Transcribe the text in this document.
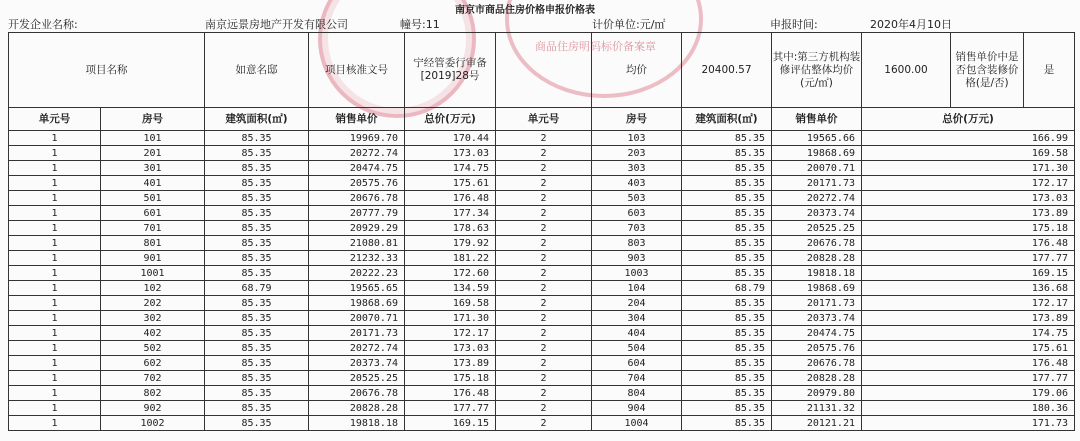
商品住房明码标价备案章
南京市商品住房价格申报价格表
开发企业名称:	南京远景房地产开发有限公司	幢号:11	计价单位:元/㎡	申报时间:	2020年4月10日
项目名称		如意名邸	项目核准文号	宁经管委行审备[2019]28号		均价	20400.57	其中:第三方机构装修评估整体均价(元/㎡)	1600.00
销售单价中是否包含装修价格(是/否)
是

单元号	房号	建筑面积(㎡)	销售单价	总价(万元)	单元号	房号	建筑面积(㎡)	销售单价	总价(万元)
1	101	85.35	19969.70	170.44	2	103	85.35	19565.66	166.99
1	201	85.35	20272.74	173.03	2	203	85.35	19868.69	169.58
1	301	85.35	20474.75	174.75	2	303	85.35	20070.71	171.30
1	401	85.35	20575.76	175.61	2	403	85.35	20171.73	172.17
1	501	85.35	20676.78	176.48	2	503	85.35	20272.74	173.03
1	601	85.35	20777.79	177.34	2	603	85.35	20373.74	173.89
1	701	85.35	20929.29	178.63	2	703	85.35	20525.25	175.18
1	801	85.35	21080.81	179.92	2	803	85.35	20676.78	176.48
1	901	85.35	21232.33	181.22	2	903	85.35	20828.28	177.77
1	1001	85.35	20222.23	172.60	2	1003	85.35	19818.18	169.15
1	102	68.79	19565.65	134.59	2	104	68.79	19868.69	136.68
1	202	85.35	19868.69	169.58	2	204	85.35	20171.73	172.17
1	302	85.35	20070.71	171.30	2	304	85.35	20373.74	173.89
1	402	85.35	20171.73	172.17	2	404	85.35	20474.75	174.75
1	502	85.35	20272.74	173.03	2	504	85.35	20575.76	175.61
1	602	85.35	20373.74	173.89	2	604	85.35	20676.78	176.48
1	702	85.35	20525.25	175.18	2	704	85.35	20828.28	177.77
1	802	85.35	20676.78	176.48	2	804	85.35	20979.80	179.06
1	902	85.35	20828.28	177.77	2	904	85.35	21131.32	180.36
1	1002	85.35	19818.18	169.15	2	1004	85.35	20121.21	171.73
